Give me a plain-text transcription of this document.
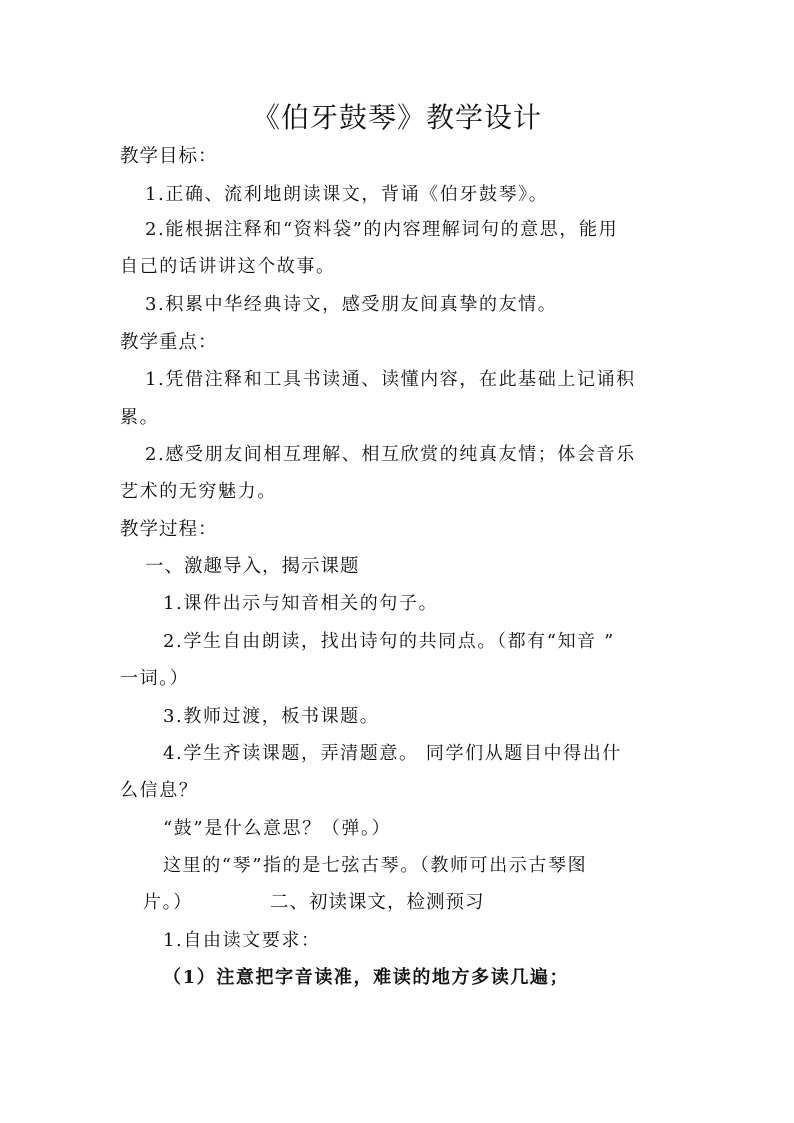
《伯牙鼓琴》教学设计
教学目标：
1.正确、流利地朗读课文，背诵《伯牙鼓琴》。
2.能根据注释和“资料袋”的内容理解词句的意思，能用
自己的话讲讲这个故事。
3.积累中华经典诗文，感受朋友间真挚的友情。
教学重点：
1.凭借注释和工具书读通、读懂内容，在此基础上记诵积
累。
2.感受朋友间相互理解、相互欣赏的纯真友情；体会音乐
艺术的无穷魅力。
教学过程：
一、激趣导入，揭示课题
1.课件出示与知音相关的句子。
2.学生自由朗读，找出诗句的共同点。（都有“知音 ”
一词。）
3.教师过渡，板书课题。
4.学生齐读课题，弄清题意。 同学们从题目中得出什
么信息？
“鼓”是什么意思？（弹。）
这里的“琴”指的是七弦古琴。（教师可出示古琴图
片。）	二、初读课文，检测预习
1.自由读文要求：
（1）注意把字音读准，难读的地方多读几遍；
